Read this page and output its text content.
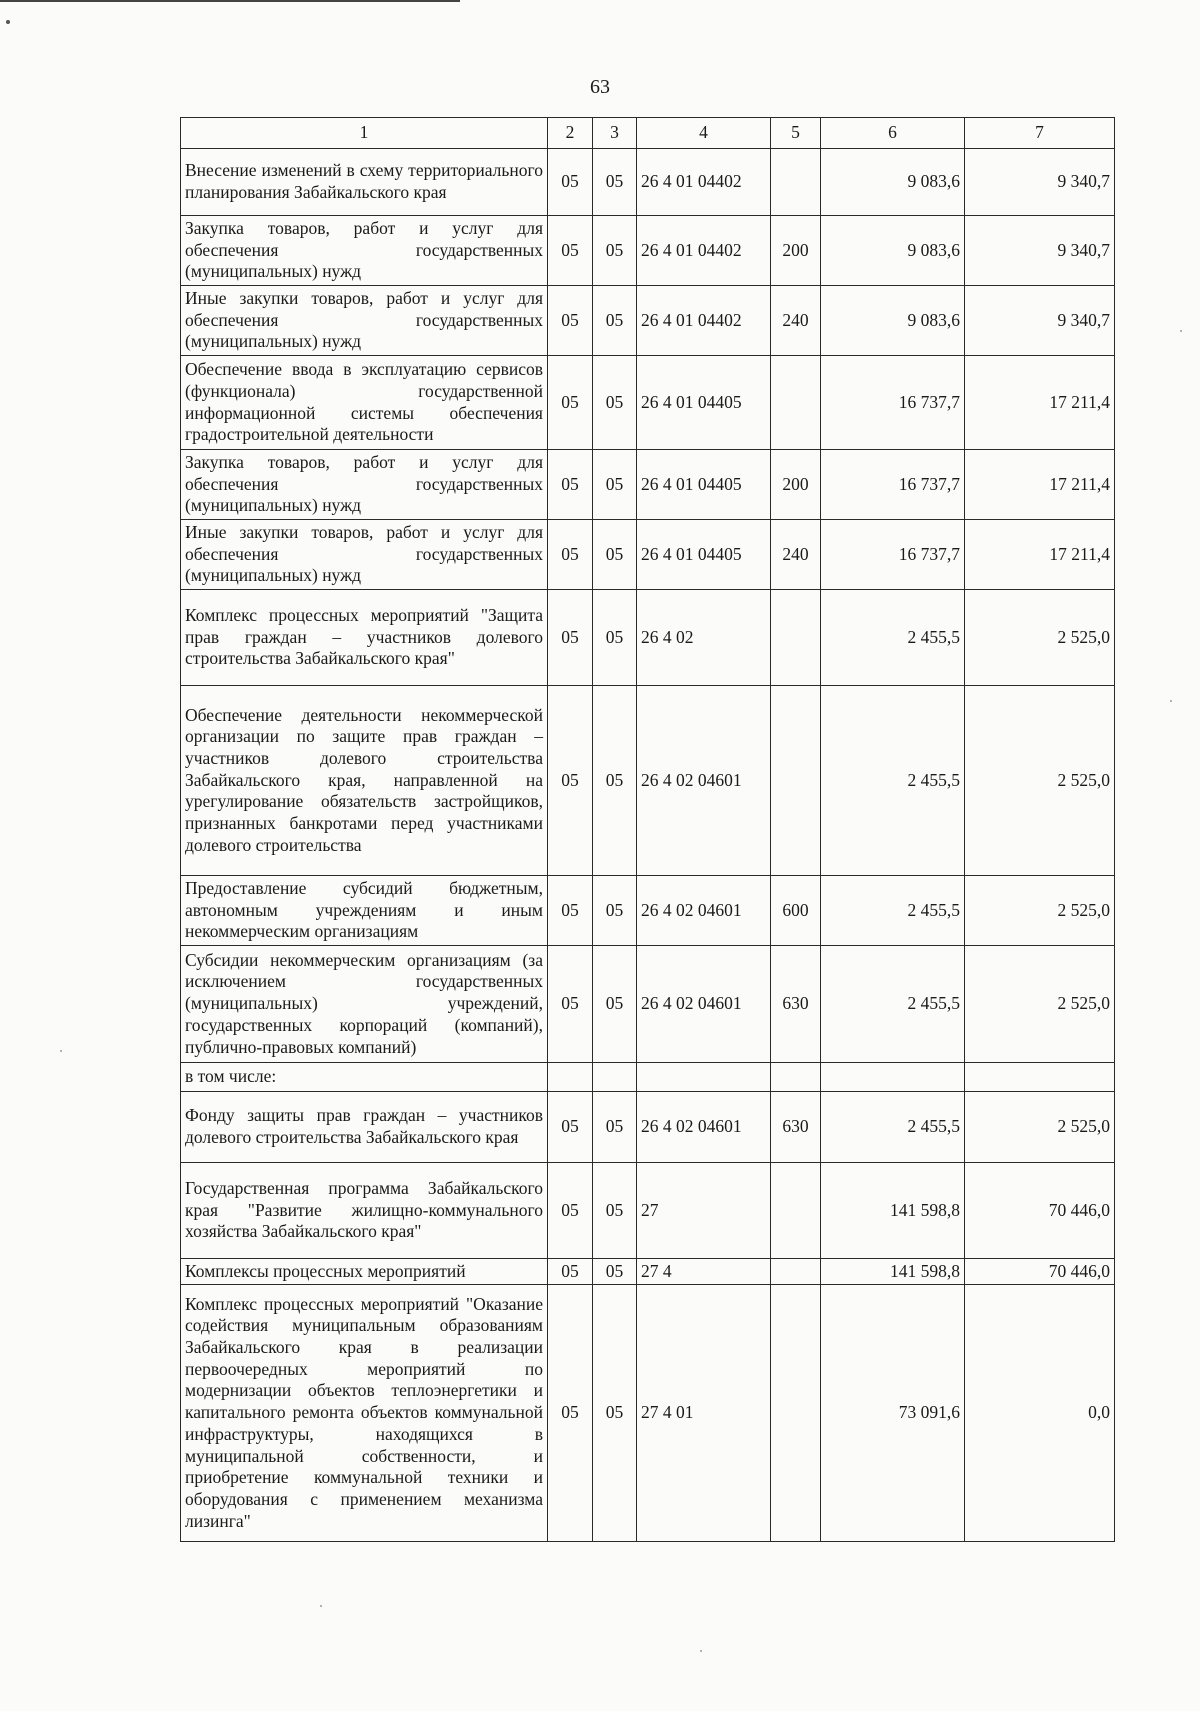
63
1	2	3	4	5	6	7
Внесение изменений в схему территориального планирования Забайкальского края	05	05	26 4 01 04402		9 083,6	9 340,7
Закупка товаров, работ и услуг для обеспечения государственных (муниципальных) нужд	05	05	26 4 01 04402	200	9 083,6	9 340,7
Иные закупки товаров, работ и услуг для обеспечения государственных (муниципальных) нужд	05	05	26 4 01 04402	240	9 083,6	9 340,7
Обеспечение ввода в эксплуатацию сервисов (функционала) государственной информационной системы обеспечения градостроительной деятельности	05	05	26 4 01 04405		16 737,7	17 211,4
Закупка товаров, работ и услуг для обеспечения государственных (муниципальных) нужд	05	05	26 4 01 04405	200	16 737,7	17 211,4
Иные закупки товаров, работ и услуг для обеспечения государственных (муниципальных) нужд	05	05	26 4 01 04405	240	16 737,7	17 211,4
Комплекс процессных мероприятий "Защита прав граждан – участников долевого строительства Забайкальского края"	05	05	26 4 02		2 455,5	2 525,0
Обеспечение деятельности некоммерческой организации по защите прав граждан – участников долевого строительства Забайкальского края, направленной на урегулирование обязательств застройщиков, признанных банкротами перед участниками долевого строительства	05	05	26 4 02 04601		2 455,5	2 525,0
Предоставление субсидий бюджетным, автономным учреждениям и иным некоммерческим организациям	05	05	26 4 02 04601	600	2 455,5	2 525,0
Субсидии некоммерческим организациям (за исключением государственных (муниципальных) учреждений, государственных корпораций (компаний), публично-правовых компаний)	05	05	26 4 02 04601	630	2 455,5	2 525,0
в том числе:						
Фонду защиты прав граждан – участников долевого строительства Забайкальского края	05	05	26 4 02 04601	630	2 455,5	2 525,0
Государственная программа Забайкальского края "Развитие жилищно-коммунального хозяйства Забайкальского края"	05	05	27		141 598,8	70 446,0
Комплексы процессных мероприятий	05	05	27 4		141 598,8	70 446,0
Комплекс процессных мероприятий "Оказание содействия муниципальным образованиям Забайкальского края в реализации первоочередных мероприятий по модернизации объектов теплоэнергетики и капитального ремонта объектов коммунальной инфраструктуры, находящихся в муниципальной собственности, и приобретение коммунальной техники и оборудования с применением механизма лизинга"	05	05	27 4 01		73 091,6	0,0
